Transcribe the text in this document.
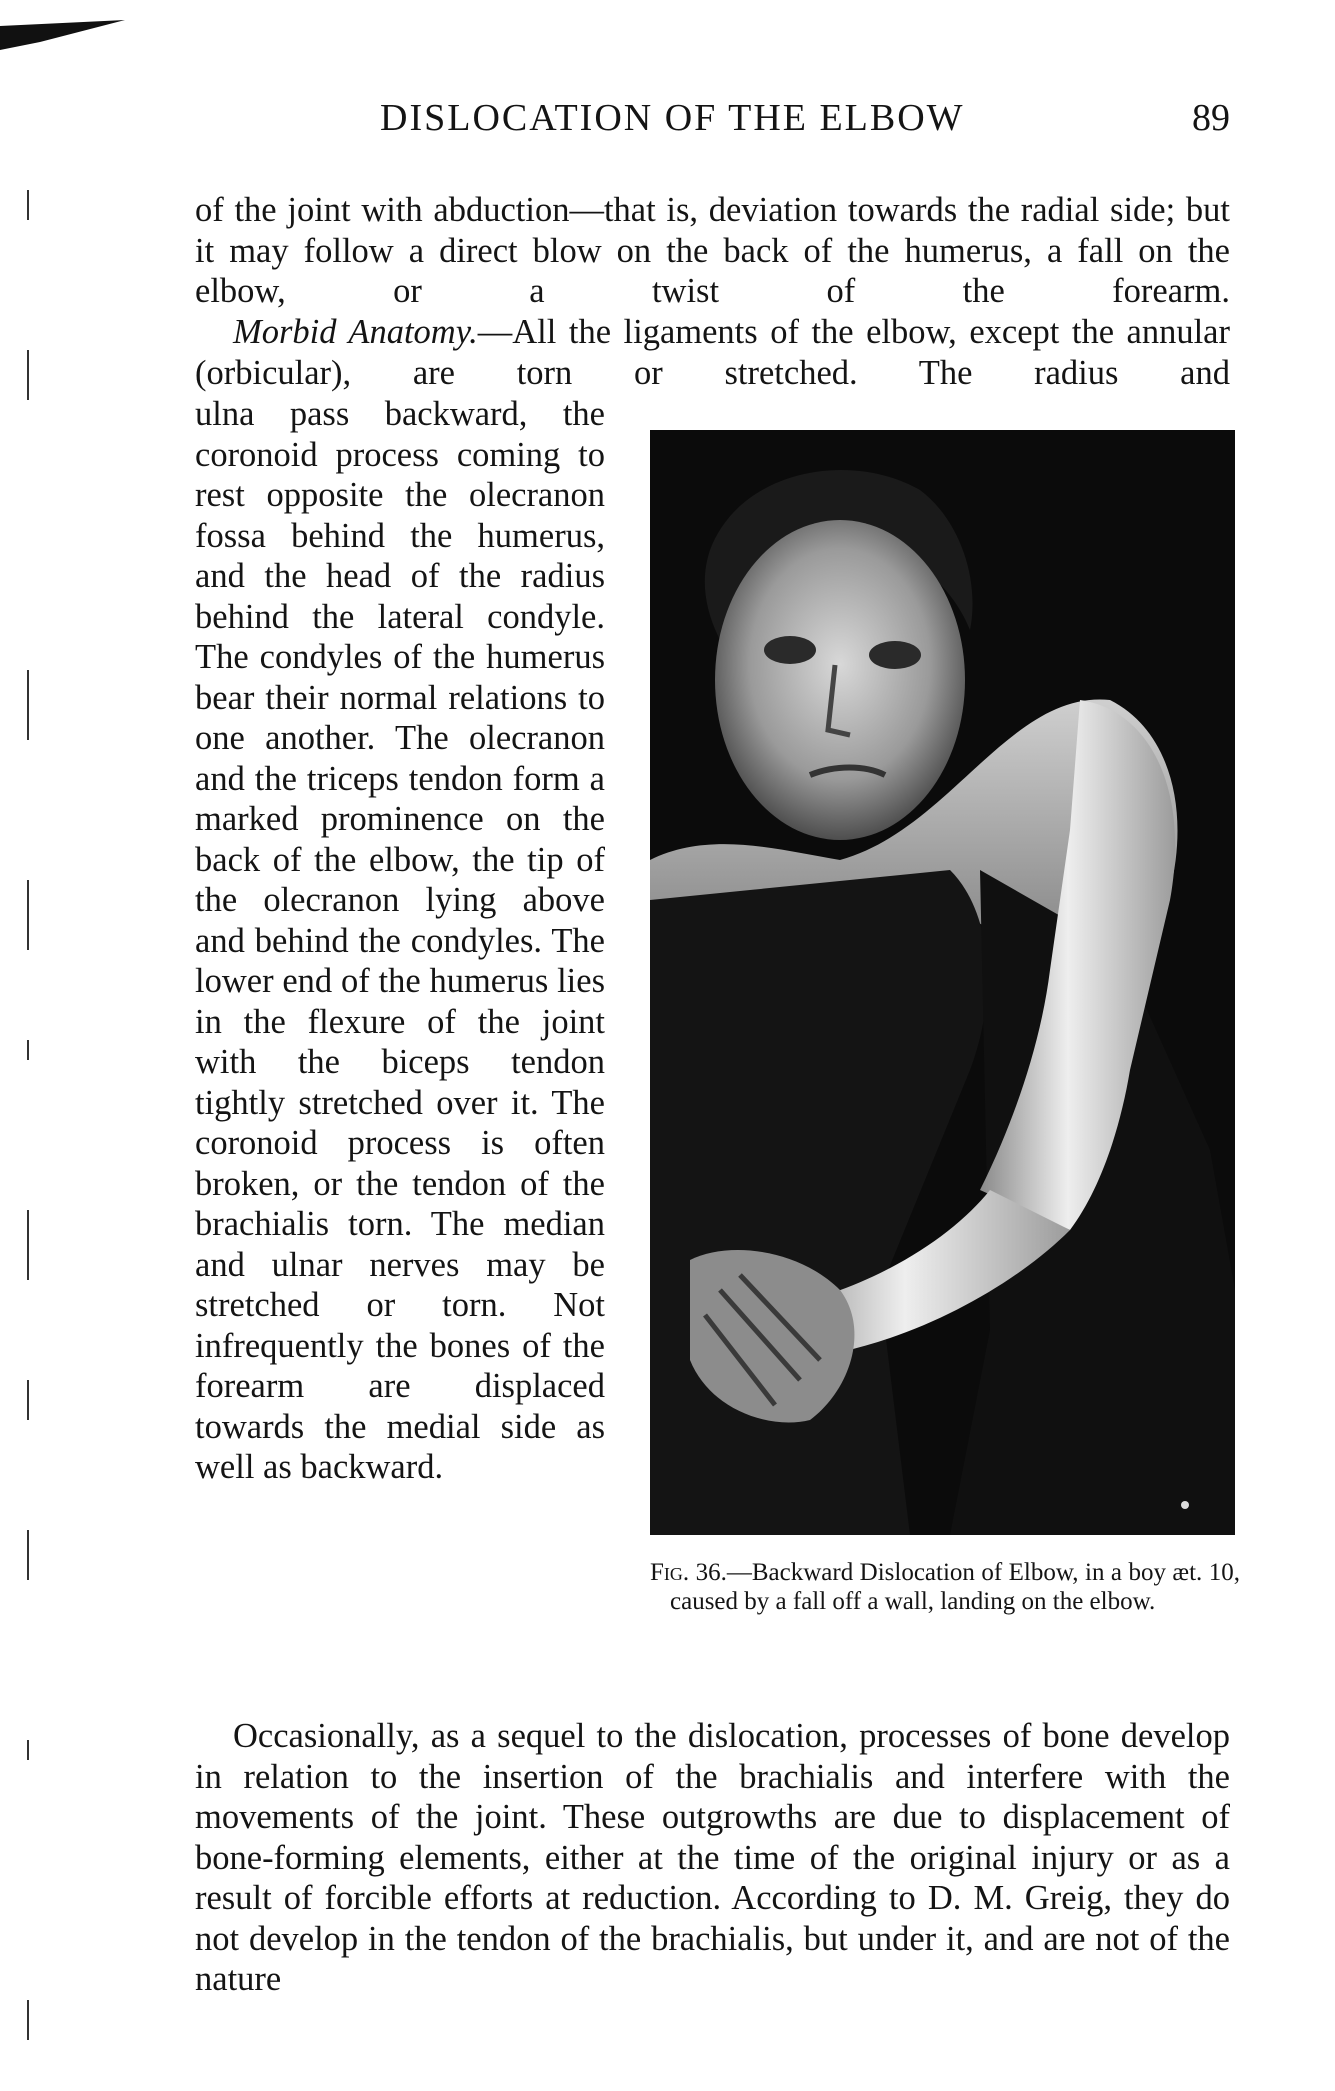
DISLOCATION OF THE ELBOW	89

of the joint with abduction—that is, deviation towards the radial side; but it may follow a direct blow on the back of the humerus, a fall on the elbow, or a twist of the forearm.

Morbid Anatomy.—All the ligaments of the elbow, except the annular (orbicular), are torn or stretched. The radius and

ulna pass backward, the coronoid process coming to rest opposite the olecranon fossa behind the humerus, and the head of the radius behind the lateral condyle. The condyles of the humerus bear their normal relations to one another. The olecranon and the triceps tendon form a marked prominence on the back of the elbow, the tip of the olecranon lying above and behind the condyles. The lower end of the humerus lies in the flexure of the joint with the biceps tendon tightly stretched over it. The coronoid process is often broken, or the tendon of the brachialis torn. The median and ulnar nerves may be stretched or torn. Not infrequently the bones of the forearm are displaced towards the medial side as well as backward.

Fig. 36.—Backward Dislocation of Elbow, in a boy æt. 10, caused by a fall off a wall, landing on the elbow.

Occasionally, as a sequel to the dislocation, processes of bone develop in relation to the insertion of the brachialis and interfere with the movements of the joint. These outgrowths are due to displacement of bone-forming elements, either at the time of the original injury or as a result of forcible efforts at reduction. According to D. M. Greig, they do not develop in the tendon of the brachialis, but under it, and are not of the nature
